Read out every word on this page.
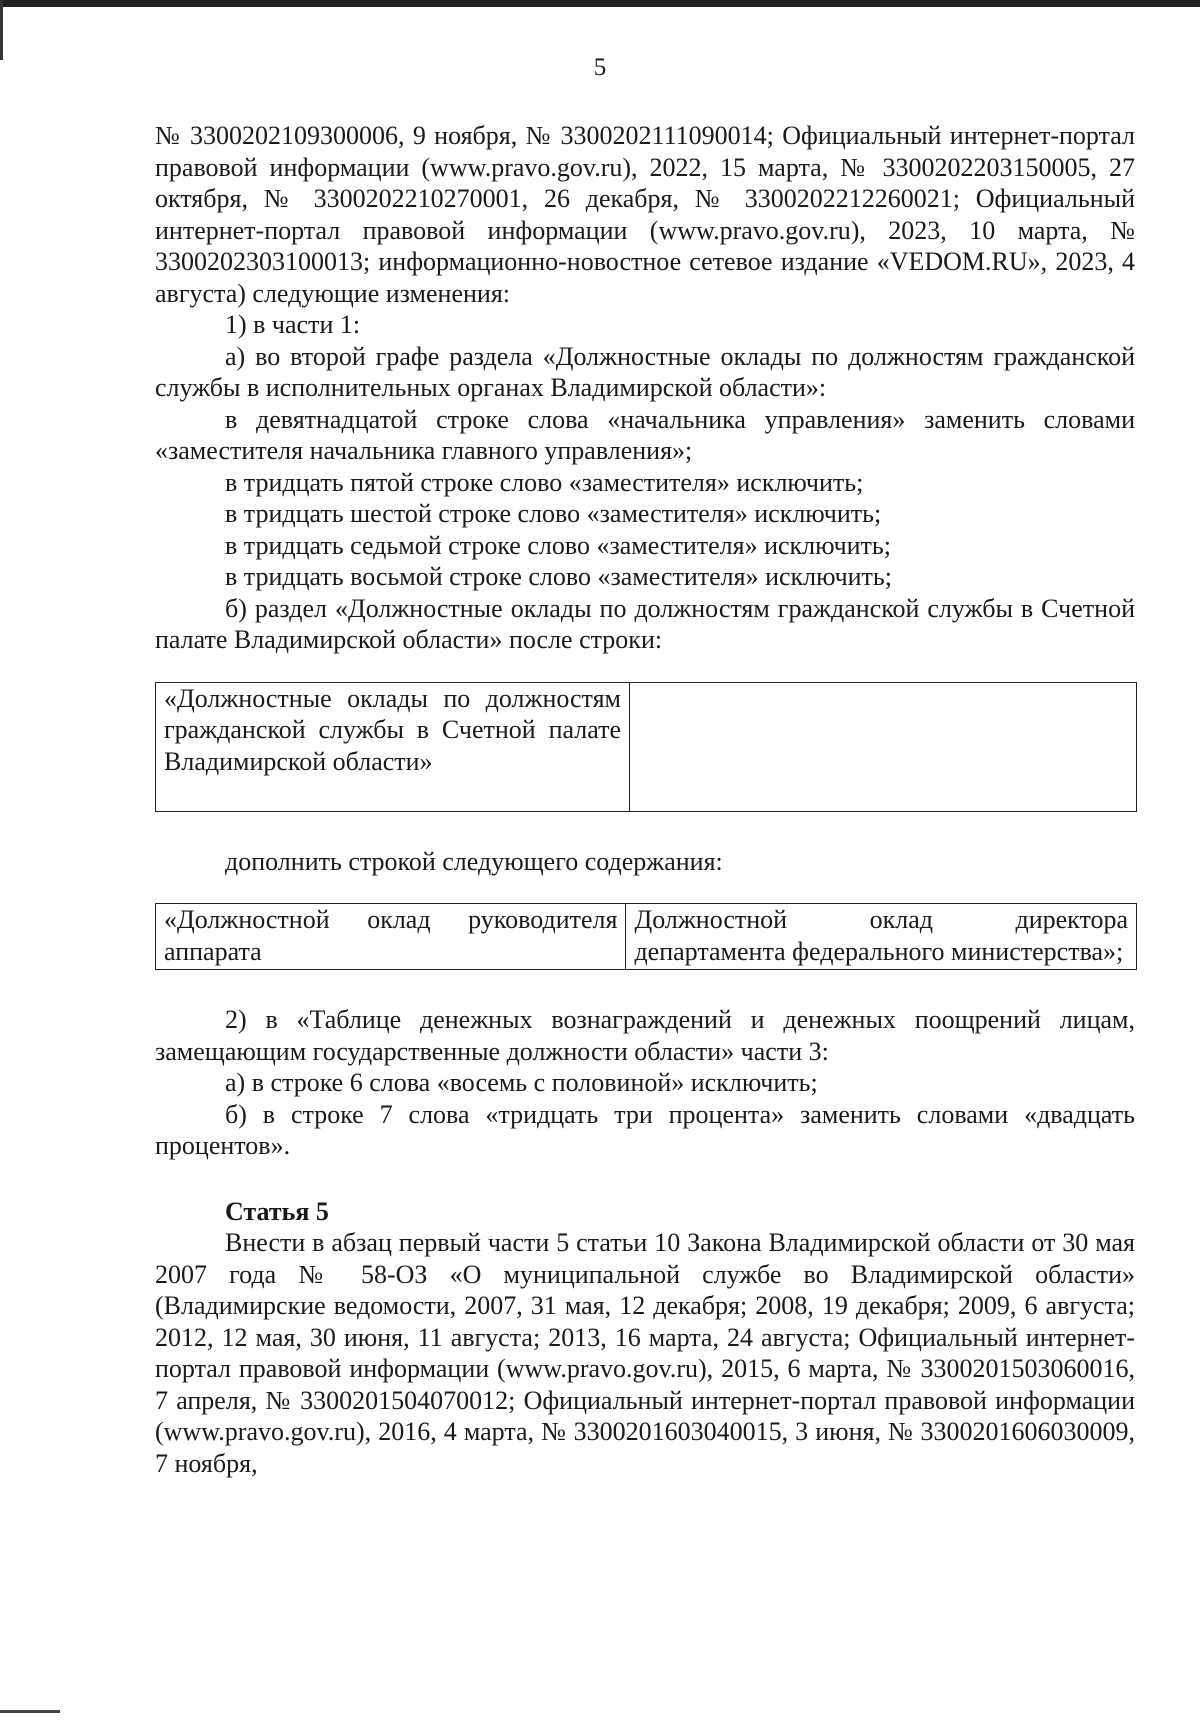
5

№ 3300202109300006, 9 ноября, № 3300202111090014; Официальный интернет-портал правовой информации (www.pravo.gov.ru), 2022, 15 марта, № 3300202203150005, 27 октября, № 3300202210270001, 26 декабря, № 3300202212260021; Официальный интернет-портал правовой информации (www.pravo.gov.ru), 2023, 10 марта, № 3300202303100013; информационно-новостное сетевое издание «VEDOM.RU», 2023, 4 августа) следующие изменения:

1) в части 1:

а) во второй графе раздела «Должностные оклады по должностям гражданской службы в исполнительных органах Владимирской области»:

в девятнадцатой строке слова «начальника управления» заменить словами «заместителя начальника главного управления»;

в тридцать пятой строке слово «заместителя» исключить;

в тридцать шестой строке слово «заместителя» исключить;

в тридцать седьмой строке слово «заместителя» исключить;

в тридцать восьмой строке слово «заместителя» исключить;

б) раздел «Должностные оклады по должностям гражданской службы в Счетной палате Владимирской области» после строки:

«Должностные оклады по должностям гражданской службы в Счетной палате Владимирской области»	

дополнить строкой следующего содержания:

«Должностной оклад руководителя аппарата	Должностной оклад директора департамента федерального министерства»;

2) в «Таблице денежных вознаграждений и денежных поощрений лицам, замещающим государственные должности области» части 3:

а) в строке 6 слова «восемь с половиной» исключить;

б) в строке 7 слова «тридцать три процента» заменить словами «двадцать процентов».

Статья 5

Внести в абзац первый части 5 статьи 10 Закона Владимирской области от 30 мая 2007 года № 58-ОЗ «О муниципальной службе во Владимирской области» (Владимирские ведомости, 2007, 31 мая, 12 декабря; 2008, 19 декабря; 2009, 6 августа; 2012, 12 мая, 30 июня, 11 августа; 2013, 16 марта, 24 августа; Официальный интернет-портал правовой информации (www.pravo.gov.ru), 2015, 6 марта, № 3300201503060016, 7 апреля, № 3300201504070012; Официальный интернет-портал правовой информации (www.pravo.gov.ru), 2016, 4 марта, № 3300201603040015, 3 июня, № 3300201606030009, 7 ноября,
